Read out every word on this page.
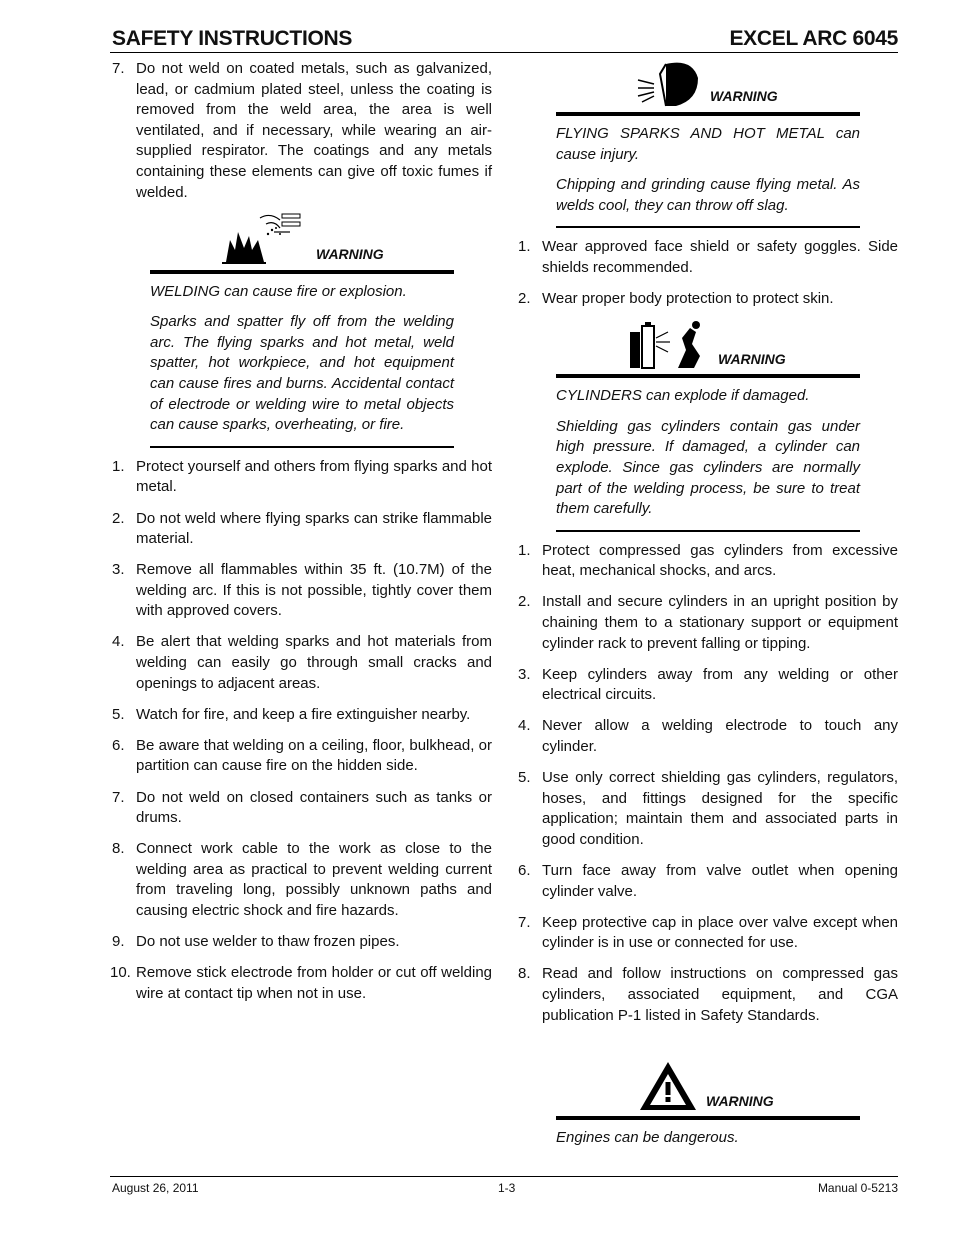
SAFETY INSTRUCTIONS	EXCEL ARC 6045
7. Do not weld on coated metals, such as galvanized, lead, or cadmium plated steel, unless the coating is removed from the weld area, the area is well ventilated, and if necessary, while wearing an air-supplied respirator. The coatings and any metals containing these elements can give off toxic fumes if welded.
WARNING
WELDING can cause fire or explosion.
Sparks and spatter fly off from the welding arc. The flying sparks and hot metal, weld spatter, hot workpiece, and hot equipment can cause fires and burns. Accidental contact of electrode or welding wire to metal objects can cause sparks, overheating, or fire.
1. Protect yourself and others from flying sparks and hot metal.
2. Do not weld where flying sparks can strike flammable material.
3. Remove all flammables within 35 ft. (10.7M) of the welding arc. If this is not possible, tightly cover them with approved covers.
4. Be alert that welding sparks and hot materials from welding can easily go through small cracks and openings to adjacent areas.
5. Watch for fire, and keep a fire extinguisher nearby.
6. Be aware that welding on a ceiling, floor, bulkhead, or partition can cause fire on the hidden side.
7. Do not weld on closed containers such as tanks or drums.
8. Connect work cable to the work as close to the welding area as practical to prevent welding current from traveling long, possibly unknown paths and causing electric shock and fire hazards.
9. Do not use welder to thaw frozen pipes.
10. Remove stick electrode from holder or cut off welding wire at contact tip when not in use.
WARNING
FLYING SPARKS AND HOT METAL can cause injury.
Chipping and grinding cause flying metal. As welds cool, they can throw off slag.
1. Wear approved face shield or safety goggles. Side shields recommended.
2. Wear proper body protection to protect skin.
WARNING
CYLINDERS can explode if damaged.
Shielding gas cylinders contain gas under high pressure. If damaged, a cylinder can explode. Since gas cylinders are normally part of the welding process, be sure to treat them carefully.
1. Protect compressed gas cylinders from excessive heat, mechanical shocks, and arcs.
2. Install and secure cylinders in an upright position by chaining them to a stationary support or equipment cylinder rack to prevent falling or tipping.
3. Keep cylinders away from any welding or other electrical circuits.
4. Never allow a welding electrode to touch any cylinder.
5. Use only correct shielding gas cylinders, regulators, hoses, and fittings designed for the specific application; maintain them and associated parts in good condition.
6. Turn face away from valve outlet when opening cylinder valve.
7. Keep protective cap in place over valve except when cylinder is in use or connected for use.
8. Read and follow instructions on compressed gas cylinders, associated equipment, and CGA publication P-1 listed in Safety Standards.
WARNING
Engines can be dangerous.
August 26, 2011	1-3	Manual 0-5213
